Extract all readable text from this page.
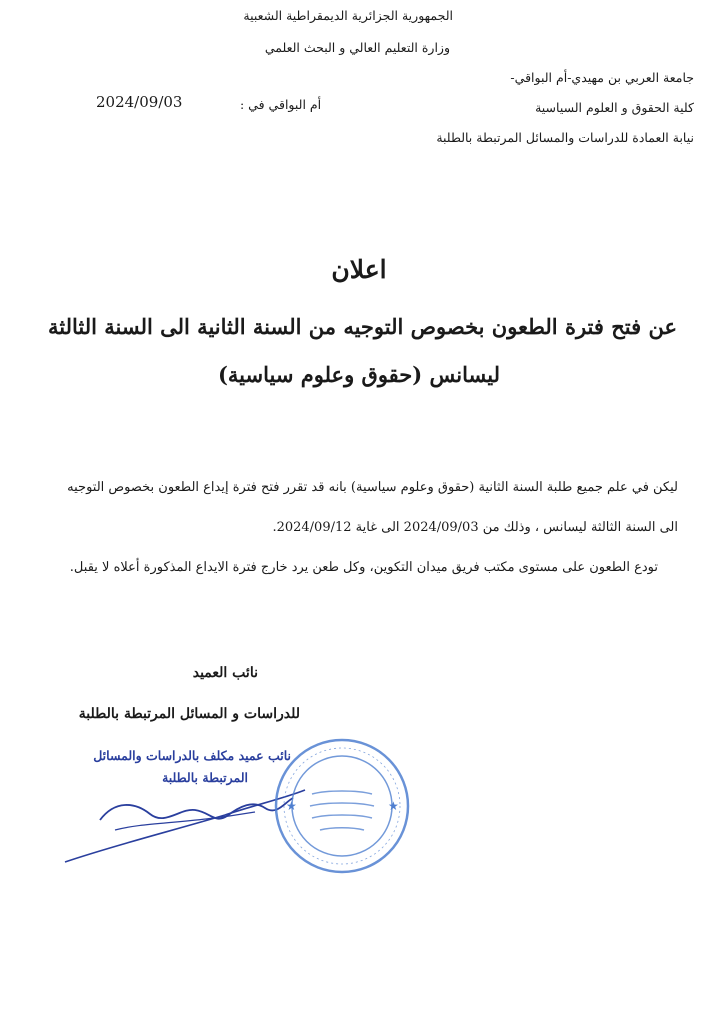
الجمهورية الجزائرية الديمقراطية الشعبية
وزارة التعليم العالي و البحث العلمي
جامعة العربي بن مهيدي-أم البواقي-
كلية الحقوق و العلوم السياسية
نيابة العمادة للدراسات والمسائل المرتبطة بالطلبة
2024/09/03	أم البواقي في :
اعلان
عن فتح فترة الطعون بخصوص التوجيه من السنة الثانية الى السنة الثالثة
ليسانس (حقوق وعلوم سياسية)
ليكن في علم جميع طلبة السنة الثانية (حقوق وعلوم سياسية) بانه قد تقرر فتح فترة إيداع الطعون بخصوص التوجيه
الى السنة الثالثة ليسانس ، وذلك من 2024/09/03 الى غاية 2024/09/12.
تودع الطعون على مستوى مكتب فريق ميدان التكوين، وكل طعن يرد خارج فترة الايداع المذكورة أعلاه لا يقبل.
نائب العميد
للدراسات و المسائل المرتبطة بالطلبة
نائب عميد مكلف بالدراسات والمسائل
المرتبطة بالطلبة
★	★
